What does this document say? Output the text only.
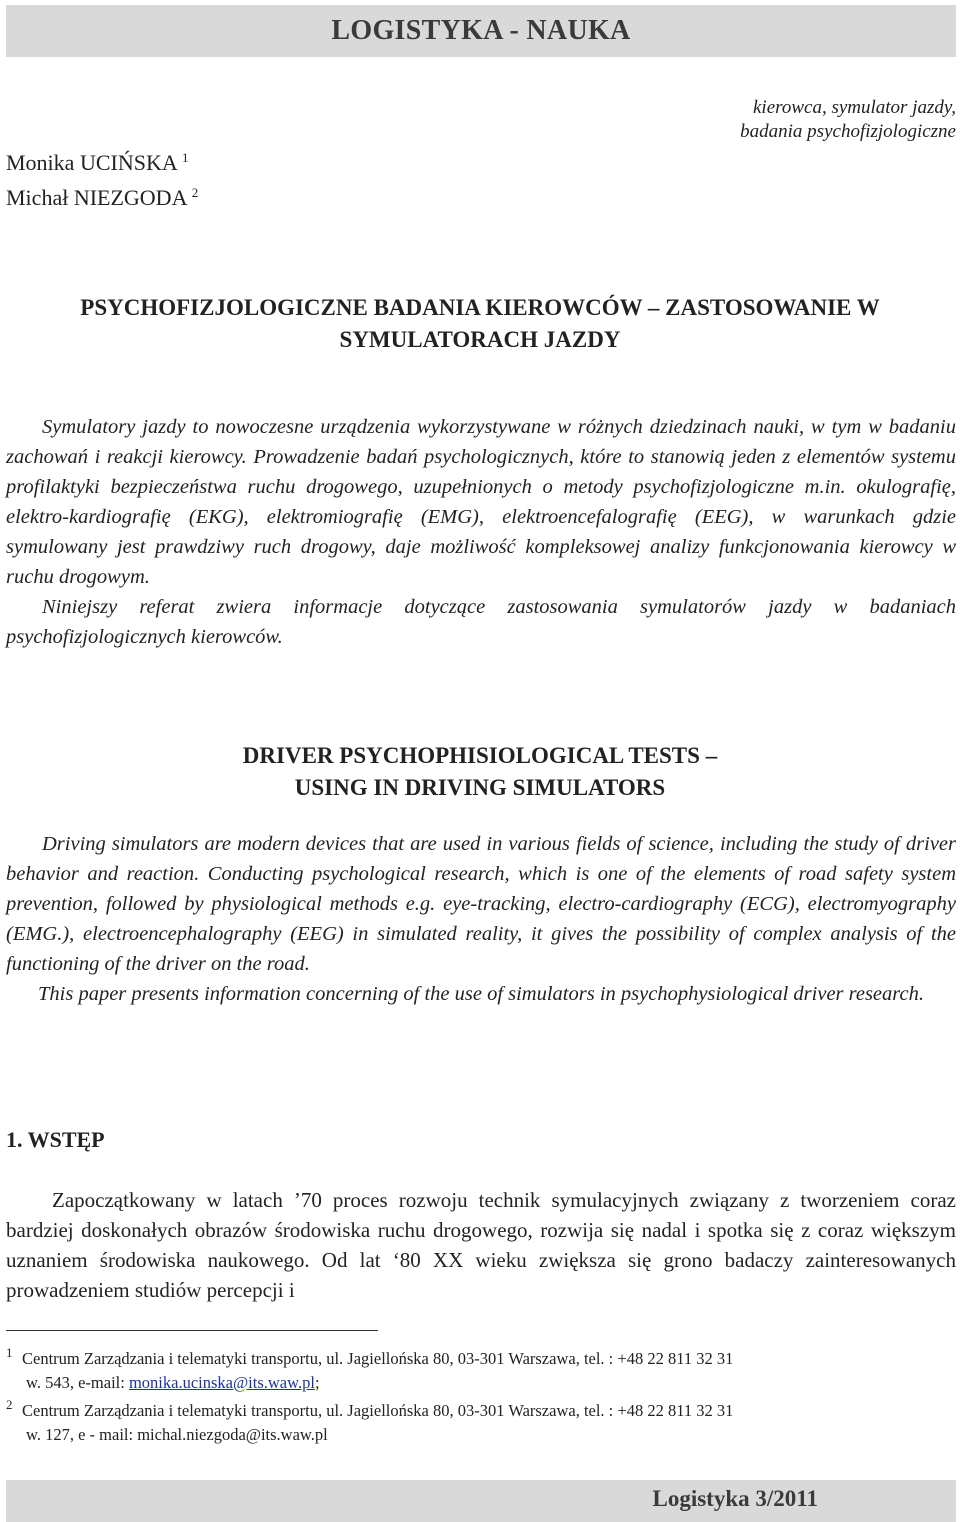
LOGISTYKA - NAUKA
kierowca, symulator jazdy,
badania psychofizjologiczne
Monika UCIŃSKA $^1$
Michał NIEZGODA $^2$
PSYCHOFIZJOLOGICZNE BADANIA KIEROWCÓW – ZASTOSOWANIE W
SYMULATORACH JAZDY

Symulatory jazdy to nowoczesne urządzenia wykorzystywane w różnych dziedzinach nauki, w tym w badaniu zachowań i reakcji kierowcy. Prowadzenie badań psychologicznych, które to stanowią jeden z elementów systemu profilaktyki bezpieczeństwa ruchu drogowego, uzupełnionych o metody psychofizjologiczne m.in. okulografię, elektro-kardiografię (EKG), elektromiografię (EMG), elektroencefalografię (EEG), w warunkach gdzie symulowany jest prawdziwy ruch drogowy, daje możliwość kompleksowej analizy funkcjonowania kierowcy w ruchu drogowym.

Niniejszy referat zwiera informacje dotyczące zastosowania symulatorów jazdy w badaniach psychofizjologicznych kierowców.

DRIVER PSYCHOPHISIOLOGICAL TESTS –
USING IN DRIVING SIMULATORS

Driving simulators are modern devices that are used in various fields of science, including the study of driver behavior and reaction. Conducting psychological research, which is one of the elements of road safety system prevention, followed by physiological methods e.g. eye-tracking, electro-cardiography (ECG), electromyography (EMG.), electroencephalography (EEG) in simulated reality, it gives the possibility of complex analysis of the functioning of the driver on the road.

This paper presents information concerning of the use of simulators in psychophysiological driver research.

1. WSTĘP

Zapoczątkowany w latach ’70 proces rozwoju technik symulacyjnych związany z tworzeniem coraz bardziej doskonałych obrazów środowiska ruchu drogowego, rozwija się nadal i spotka się z coraz większym uznaniem środowiska naukowego. Od lat ‘80 XX wieku zwiększa się grono badaczy zainteresowanych prowadzeniem studiów percepcji i

1 Centrum Zarządzania i telematyki transportu, ul. Jagiellońska 80, 03-301 Warszawa, tel. : +48 22 811 32 31
w. 543, e-mail: monika.ucinska@its.waw.pl;
2 Centrum Zarządzania i telematyki transportu, ul. Jagiellońska 80, 03-301 Warszawa, tel. : +48 22 811 32 31
w. 127, e - mail: michal.niezgoda@its.waw.pl
Logistyka 3/2011
